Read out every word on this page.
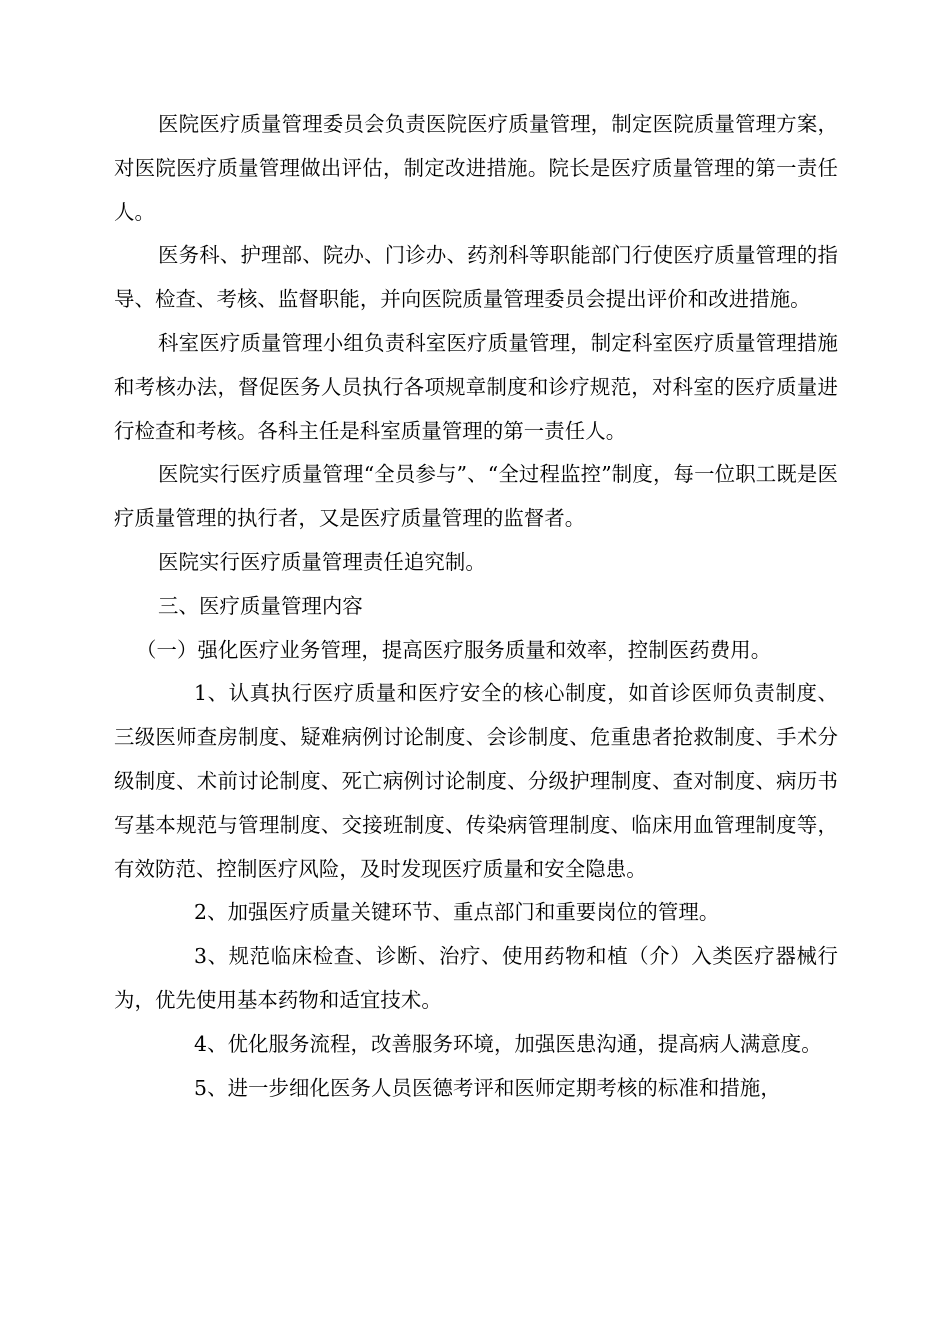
医院医疗质量管理委员会负责医院医疗质量管理，制定医院质量管理方案，对医院医疗质量管理做出评估，制定改进措施。院长是医疗质量管理的第一责任人。

医务科、护理部、院办、门诊办、药剂科等职能部门行使医疗质量管理的指导、检查、考核、监督职能，并向医院质量管理委员会提出评价和改进措施。

科室医疗质量管理小组负责科室医疗质量管理，制定科室医疗质量管理措施和考核办法，督促医务人员执行各项规章制度和诊疗规范，对科室的医疗质量进行检查和考核。各科主任是科室质量管理的第一责任人。

医院实行医疗质量管理“全员参与”、“全过程监控”制度，每一位职工既是医疗质量管理的执行者，又是医疗质量管理的监督者。

医院实行医疗质量管理责任追究制。

三、医疗质量管理内容

（一）强化医疗业务管理，提高医疗服务质量和效率，控制医药费用。

1、认真执行医疗质量和医疗安全的核心制度，如首诊医师负责制度、三级医师查房制度、疑难病例讨论制度、会诊制度、危重患者抢救制度、手术分级制度、术前讨论制度、死亡病例讨论制度、分级护理制度、查对制度、病历书写基本规范与管理制度、交接班制度、传染病管理制度、临床用血管理制度等，有效防范、控制医疗风险，及时发现医疗质量和安全隐患。

2、加强医疗质量关键环节、重点部门和重要岗位的管理。

3、规范临床检查、诊断、治疗、使用药物和植（介）入类医疗器械行为，优先使用基本药物和适宜技术。

4、优化服务流程，改善服务环境，加强医患沟通，提高病人满意度。

5、进一步细化医务人员医德考评和医师定期考核的标准和措施，
